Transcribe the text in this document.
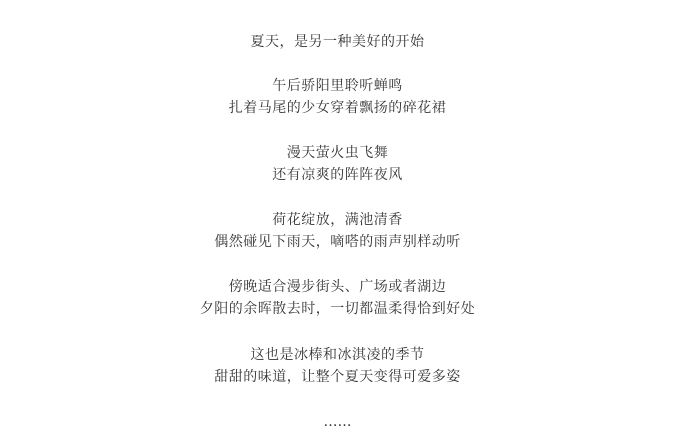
夏天，是另一种美好的开始
午后骄阳里聆听蝉鸣
扎着马尾的少女穿着飘扬的碎花裙
漫天萤火虫飞舞
还有凉爽的阵阵夜风
荷花绽放，满池清香
偶然碰见下雨天，嘀嗒的雨声别样动听
傍晚适合漫步街头、广场或者湖边
夕阳的余晖散去时，一切都温柔得恰到好处
这也是冰棒和冰淇凌的季节
甜甜的味道，让整个夏天变得可爱多姿
……
